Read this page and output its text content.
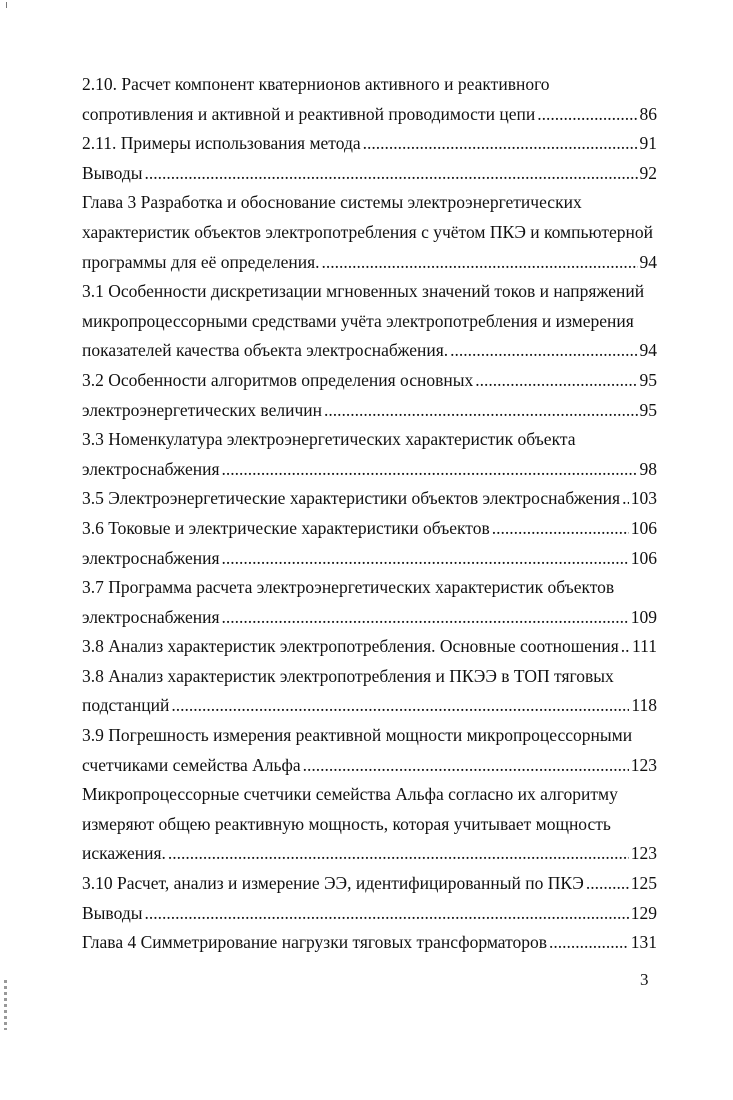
2.10. Расчет компонент кватернионов активного и реактивного
сопротивления и активной и реактивной проводимости цепи .....	86
2.11. Примеры использования метода .....	91
Выводы .....	92
Глава 3 Разработка и обоснование системы электроэнергетических
характеристик объектов электропотребления с учётом ПКЭ и компьютерной
программы для её определения. .....	94
3.1 Особенности дискретизации мгновенных значений токов и напряжений
микропроцессорными средствами учёта электропотребления и измерения
показателей качества объекта электроснабжения. .....	94
3.2 Особенности алгоритмов определения основных .....	95
электроэнергетических величин .....	95
3.3 Номенкулатура электроэнергетических характеристик объекта
электроснабжения .....	98
3.5 Электроэнергетические характеристики объектов электроснабжения ..... 103
3.6 Токовые и электрические характеристики объектов .....	106
электроснабжения .....	106
3.7 Программа расчета электроэнергетических характеристик объектов
электроснабжения .....	109
3.8 Анализ характеристик электропотребления. Основные соотношения ..... 111
3.8 Анализ характеристик электропотребления и ПКЭЭ в ТОП тяговых
подстанций .....	118
3.9 Погрешность измерения реактивной мощности микропроцессорными
счетчиками семейства Альфа .....	123
Микропроцессорные счетчики семейства Альфа согласно их алгоритму
измеряют общею реактивную мощность, которая учитывает мощность
искажения. .....	123
3.10 Расчет, анализ и измерение ЭЭ, идентифицированный по ПКЭ .....	125
Выводы .....	129
Глава 4 Симметрирование нагрузки тяговых трансформаторов .....	131
3
